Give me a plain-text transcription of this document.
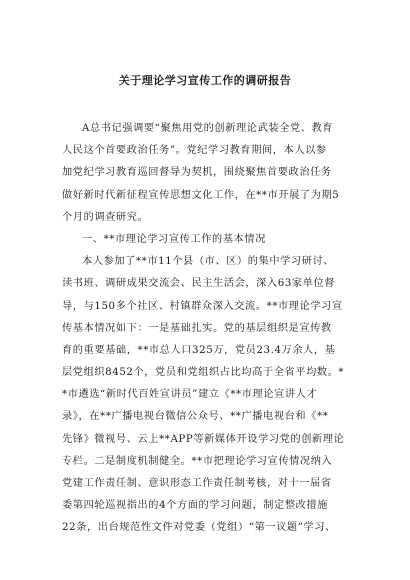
关于理论学习宣传工作的调研报告
A总书记强调要“聚焦用党的创新理论武装全党、教育
人民这个首要政治任务”。党纪学习教育期间，本人以参
加党纪学习教育巡回督导为契机，围绕聚焦首要政治任务
做好新时代新征程宣传思想文化工作，在**市开展了为期5
个月的调查研究。
一、**市理论学习宣传工作的基本情况
本人参加了**市11个县（市、区）的集中学习研讨、
读书班、调研成果交流会、民主生活会，深入63家单位督
导，与150多个社区、村镇群众深入交流。**市理论学习宣
传基本情况如下：一是基础扎实。党的基层组织是宣传教
育的重要基础，**市总人口325万，党员23.4万余人，基
层党组织8452个，党员和党组织占比均高于全省平均数。*
*市遴选“新时代百姓宣讲员”建立《**市理论宣讲人才
录》，在**广播电视台微信公众号、**广播电视台和《**
先锋》微视号、云上**APP等新媒体开设学习党的创新理论
专栏。二是制度机制健全。**市把理论学习宣传情况纳入
党建工作责任制、意识形态工作责任制考核，对十一届省
委第四轮巡视指出的4个方面的学习问题，制定整改措施
22条，出台规范性文件对党委（党组）“第一议题”学习、
